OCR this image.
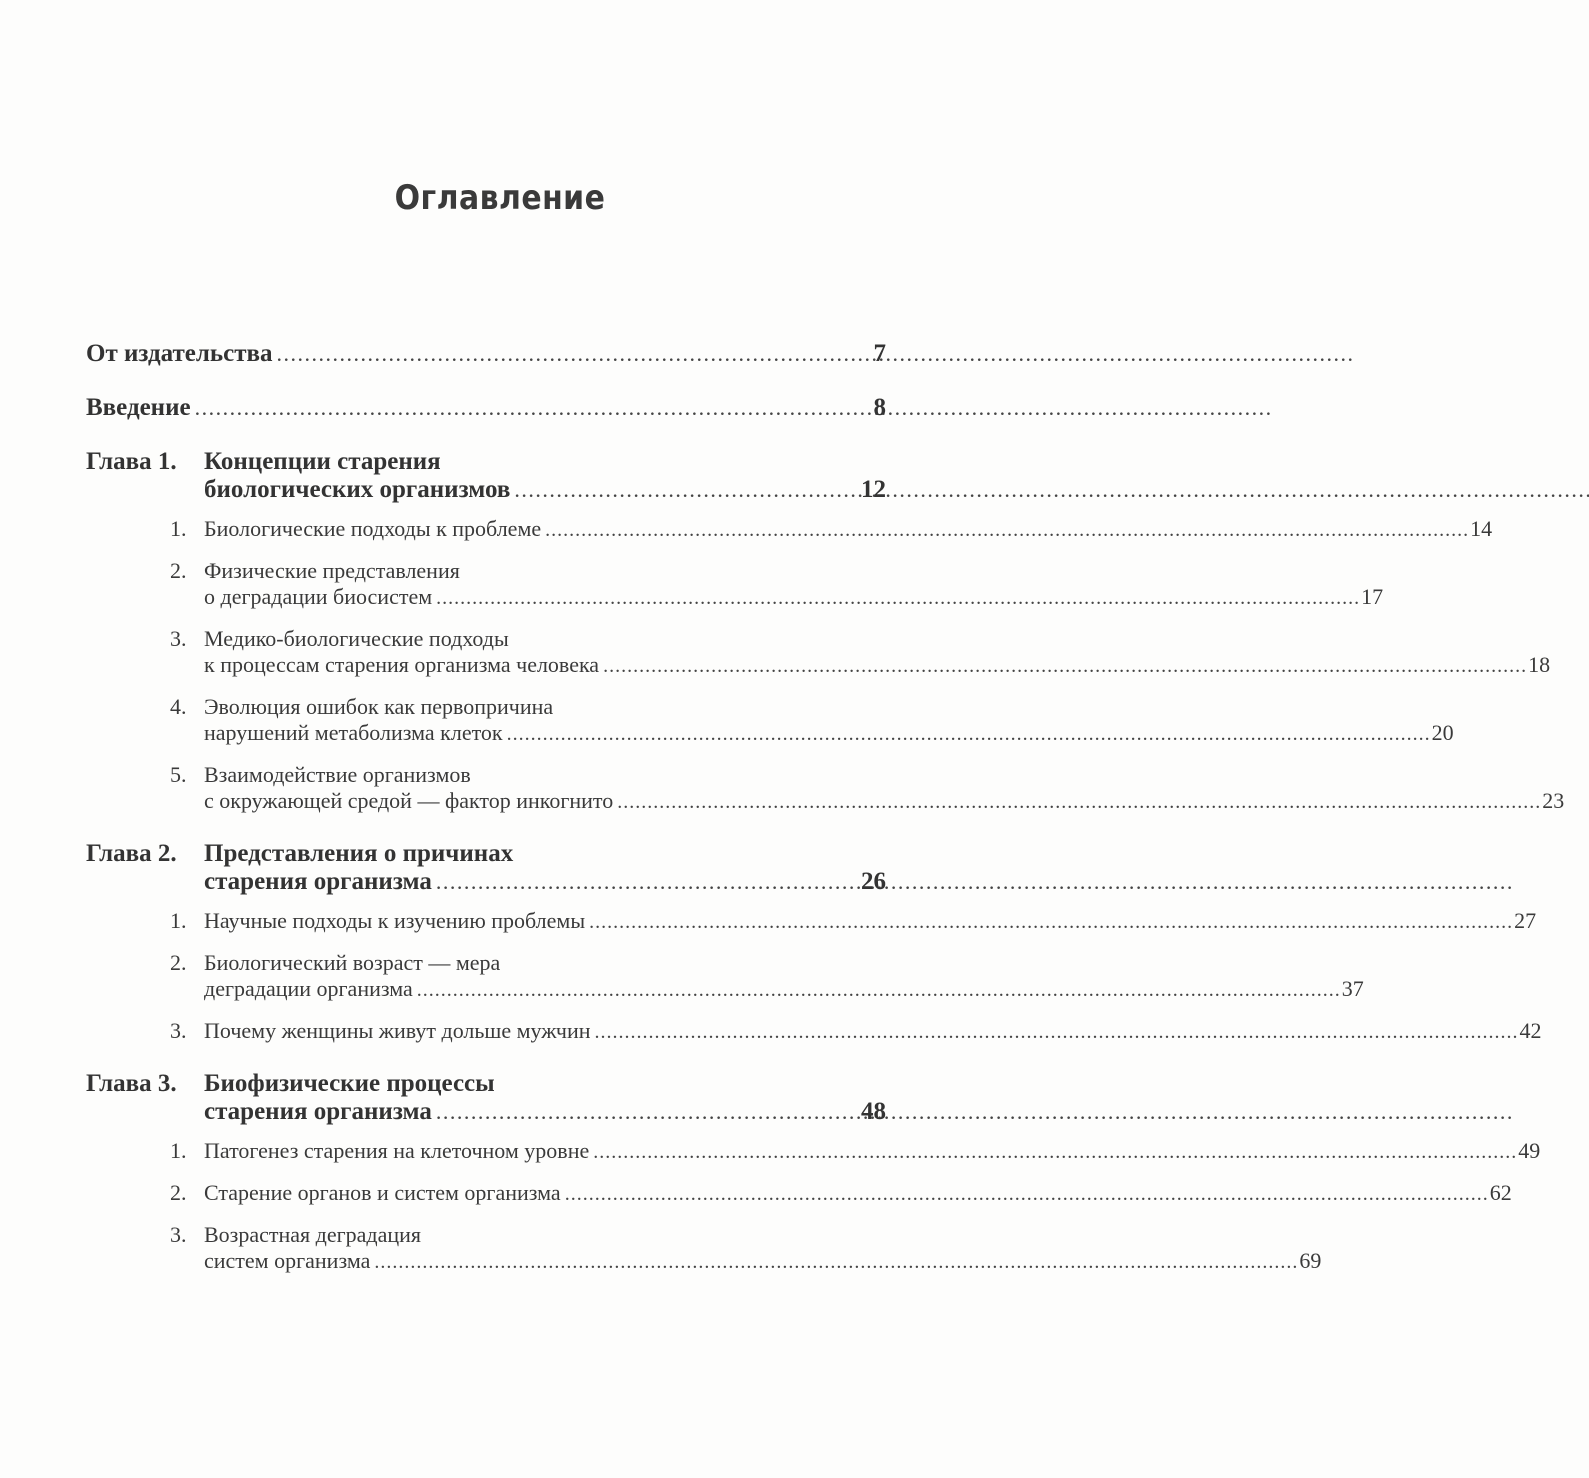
Оглавление
От издательства . . .	7
Введение . . .	8
Глава 1.	Концепции старения
биологических организмов . . .	12
1. Биологические подходы к проблеме . . .	14
2. Физические представления
о деградации биосистем . . .	17
3. Медико-биологические подходы
к процессам старения организма человека . . .	18
4. Эволюция ошибок как первопричина
нарушений метаболизма клеток . . .	20
5. Взаимодействие организмов
с окружающей средой — фактор инкогнито . . .	23
Глава 2.	Представления о причинах
старения организма . . .	26
1. Научные подходы к изучению проблемы . . .	27
2. Биологический возраст — мера
деградации организма . . .	37
3. Почему женщины живут дольше мужчин . . .	42
Глава 3.	Биофизические процессы
старения организма . . .	48
1. Патогенез старения на клеточном уровне . . .	49
2. Старение органов и систем организма . . .	62
3. Возрастная деградация
систем организма . . .	69
